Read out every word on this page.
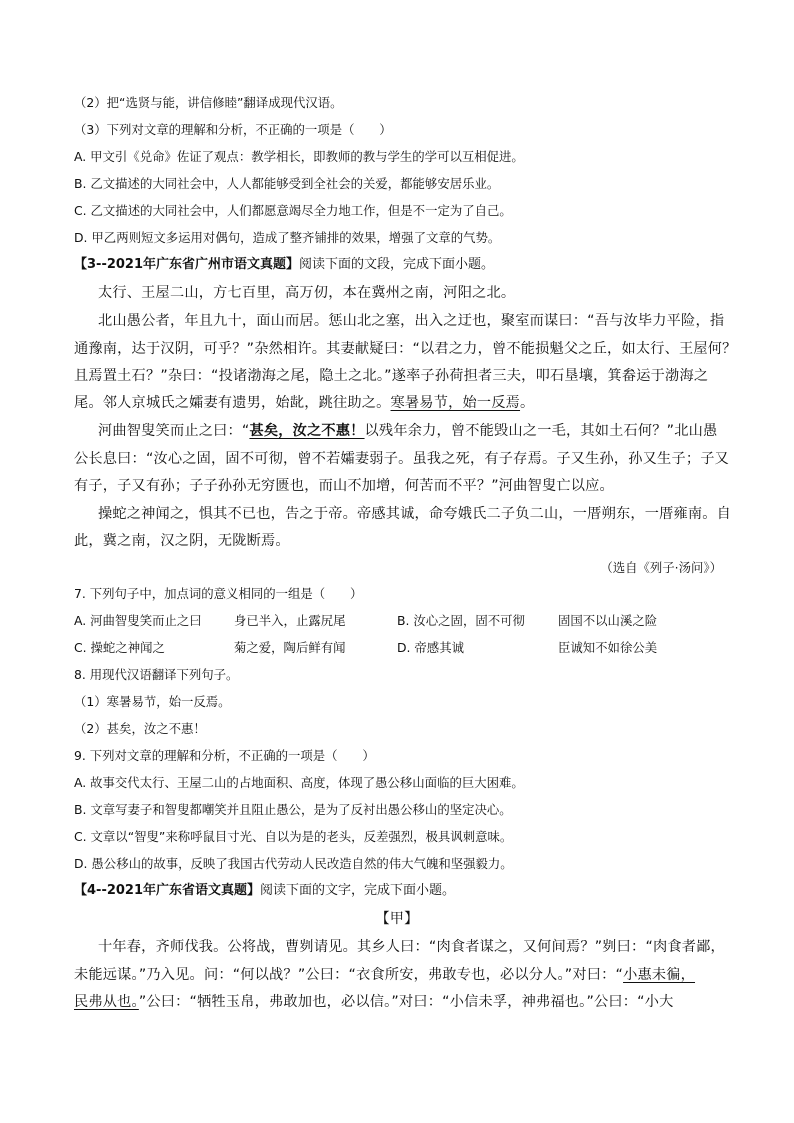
（2）把“选贤与能，讲信修睦”翻译成现代汉语。
（3）下列对文章的理解和分析，不正确的一项是（　　）
A. 甲文引《兑命》佐证了观点：教学相长，即教师的教与学生的学可以互相促进。
B. 乙文描述的大同社会中，人人都能够受到全社会的关爱，都能够安居乐业。
C. 乙文描述的大同社会中，人们都愿意竭尽全力地工作，但是不一定为了自己。
D. 甲乙两则短文多运用对偶句，造成了整齐铺排的效果，增强了文章的气势。
【3--2021年广东省广州市语文真题】阅读下面的文段，完成下面小题。
太行、王屋二山，方七百里，高万仞，本在冀州之南，河阳之北。
北山愚公者，年且九十，面山而居。惩山北之塞，出入之迂也，聚室而谋曰：“吾与汝毕力平险，指
通豫南，达于汉阴，可乎？”杂然相许。其妻献疑曰：“以君之力，曾不能损魁父之丘，如太行、王屋何？
且焉置土石？”杂曰：“投诸渤海之尾，隐土之北。”遂率子孙荷担者三夫，叩石垦壤，箕畚运于渤海之
尾。邻人京城氏之孀妻有遗男，始龀，跳往助之。寒暑易节，始一反焉。
河曲智叟笑而止之曰：“甚矣，汝之不惠！以残年余力，曾不能毁山之一毛，其如土石何？”北山愚
公长息曰：“汝心之固，固不可彻，曾不若孀妻弱子。虽我之死，有子存焉。子又生孙，孙又生子；子又
有子，子又有孙；子子孙孙无穷匮也，而山不加增，何苦而不平？”河曲智叟亡以应。
操蛇之神闻之，惧其不已也，告之于帝。帝感其诚，命夸娥氏二子负二山，一厝朔东，一厝雍南。自
此，冀之南，汉之阴，无陇断焉。
（选自《列子·汤问》）
7. 下列句子中，加点词的意义相同的一组是（　　）
A. 河曲智叟笑而止之曰	身已半入，止露尻尾	B. 汝心之固，固不可彻	固国不以山溪之险
C. 操蛇之神闻之	菊之爱，陶后鲜有闻	D. 帝感其诚	臣诚知不如徐公美
8. 用现代汉语翻译下列句子。
（1）寒暑易节，始一反焉。
（2）甚矣，汝之不惠！
9. 下列对文章的理解和分析，不正确的一项是（　　）
A. 故事交代太行、王屋二山的占地面积、高度，体现了愚公移山面临的巨大困难。
B. 文章写妻子和智叟都嘲笑并且阻止愚公，是为了反衬出愚公移山的坚定决心。
C. 文章以“智叟”来称呼鼠目寸光、自以为是的老头，反差强烈，极具讽刺意味。
D. 愚公移山的故事，反映了我国古代劳动人民改造自然的伟大气魄和坚强毅力。
【4--2021年广东省语文真题】阅读下面的文字，完成下面小题。
【甲】
十年春，齐师伐我。公将战，曹刿请见。其乡人曰：“肉食者谋之，又何间焉？”刿曰：“肉食者鄙，
未能远谋。”乃入见。问：“何以战？”公曰：“衣食所安，弗敢专也，必以分人。”对曰：“小惠未徧，
民弗从也。”公曰：“牺牲玉帛，弗敢加也，必以信。”对曰：“小信未孚，神弗福也。”公曰：“小大
